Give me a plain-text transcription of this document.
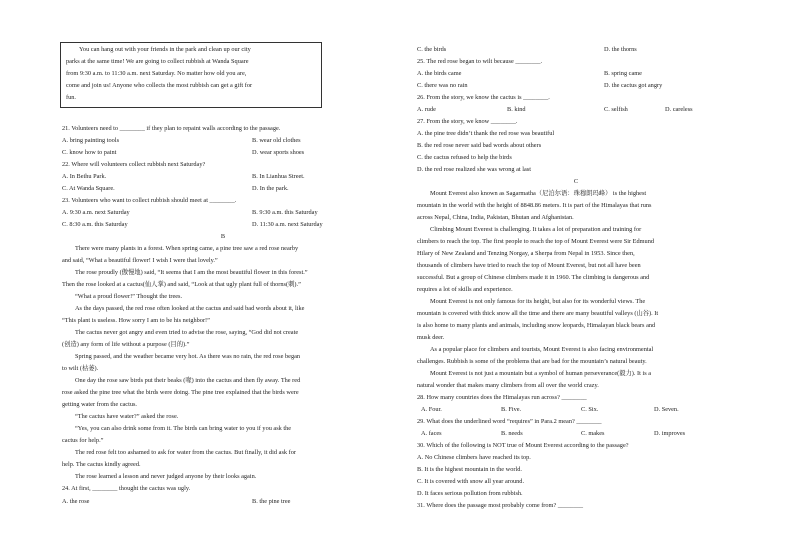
You can hang out with your friends in the park and clean up our city
parks at the same time! We are going to collect rubbish at Wanda Square
from 9:30 a.m. to 11:30 a.m. next Saturday. No matter how old you are,
come and join us! Anyone who collects the most rubbish can get a gift for
fun.
21. Volunteers need to ________ if they plan to repaint walls according to the passage.
A. bring painting tools	B. wear old clothes
C. know how to paint	D. wear sports shoes
22. Where will volunteers collect rubbish next Saturday?
A. In Beihu Park.	B. In Lianhua Street.
C. At Wanda Square.	D. In the park.
23. Volunteers who want to collect rubbish should meet at ________.
A. 9:30 a.m. next Saturday	B. 9:30 a.m. this Saturday
C. 8:30 a.m. this Saturday	D. 11:30 a.m. next Saturday
B
There were many plants in a forest. When spring came, a pine tree saw a red rose nearby
and said, “What a beautiful flower! I wish I were that lovely.”
The rose proudly (傲慢地) said, “It seems that I am the most beautiful flower in this forest.”
Then the rose looked at a cactus(仙人掌) and said, “Look at that ugly plant full of thorns(刺).”
“What a proud flower!” Thought the trees.
As the days passed, the red rose often looked at the cactus and said bad words about it, like
“This plant is useless. How sorry I am to be his neighbor!”
The cactus never got angry and even tried to advise the rose, saying, “God did not create
(创造) any form of life without a purpose (目的).”
Spring passed, and the weather became very hot. As there was no rain, the red rose began
to wilt (枯萎).
One day the rose saw birds put their beaks (喙) into the cactus and then fly away. The red
rose asked the pine tree what the birds were doing. The pine tree explained that the birds were
getting water from the cactus.
“The cactus have water?” asked the rose.
“Yes, you can also drink some from it. The birds can bring water to you if you ask the
cactus for help.”
The red rose felt too ashamed to ask for water from the cactus. But finally, it did ask for
help. The cactus kindly agreed.
The rose learned a lesson and never judged anyone by their looks again.
24. At first, ________ thought the cactus was ugly.
A. the rose	B. the pine tree
C. the birds	D. the thorns
25. The red rose began to wilt because ________.
A. the birds came	B. spring came
C. there was no rain	D. the cactus got angry
26. From the story, we know the cactus is ________.
A. rude	B. kind	C. selfish	D. careless
27. From the story, we know ________.
A. the pine tree didn’t thank the red rose was beautiful
B. the red rose never said bad words about others
C. the cactus refused to help the birds
D. the red rose realized she was wrong at last
C
Mount Everest also known as Sagarmatha（尼泊尔语：珠穆朗玛峰） is the highest
mountain in the world with the height of 8848.86 meters. It is part of the Himalayas that runs
across Nepal, China, India, Pakistan, Bhutan and Afghanistan.
Climbing Mount Everest is challenging. It takes a lot of preparation and training for
climbers to reach the top. The first people to reach the top of Mount Everest were Sir Edmund
Hilary of New Zealand and Tenzing Norgay, a Sherpa from Nepal in 1953. Since then,
thousands of climbers have tried to reach the top of Mount Everest, but not all have been
successful. But a group of Chinese climbers made it in 1960. The climbing is dangerous and
requires a lot of skills and experience.
Mount Everest is not only famous for its height, but also for its wonderful views. The
mountain is covered with thick snow all the time and there are many beautiful valleys (山谷). It
is also home to many plants and animals, including snow leopards, Himalayan black bears and
musk deer.
As a popular place for climbers and tourists, Mount Everest is also facing environmental
challenges. Rubbish is some of the problems that are bad for the mountain’s natural beauty.
Mount Everest is not just a mountain but a symbol of human perseverance(毅力). It is a
natural wonder that makes many climbers from all over the world crazy.
28. How many countries does the Himalayas run across? ________
A. Four.	B. Five.	C. Six.	D. Seven.
29. What does the underlined word “requires” in Para.2 mean? ________
A. faces	B. needs	C. makes	D. improves
30. Which of the following is NOT true of Mount Everest according to the passage?
A. No Chinese climbers have reached its top.
B. It is the highest mountain in the world.
C. It is covered with snow all year around.
D. It faces serious pollution from rubbish.
31. Where does the passage most probably come from? ________
